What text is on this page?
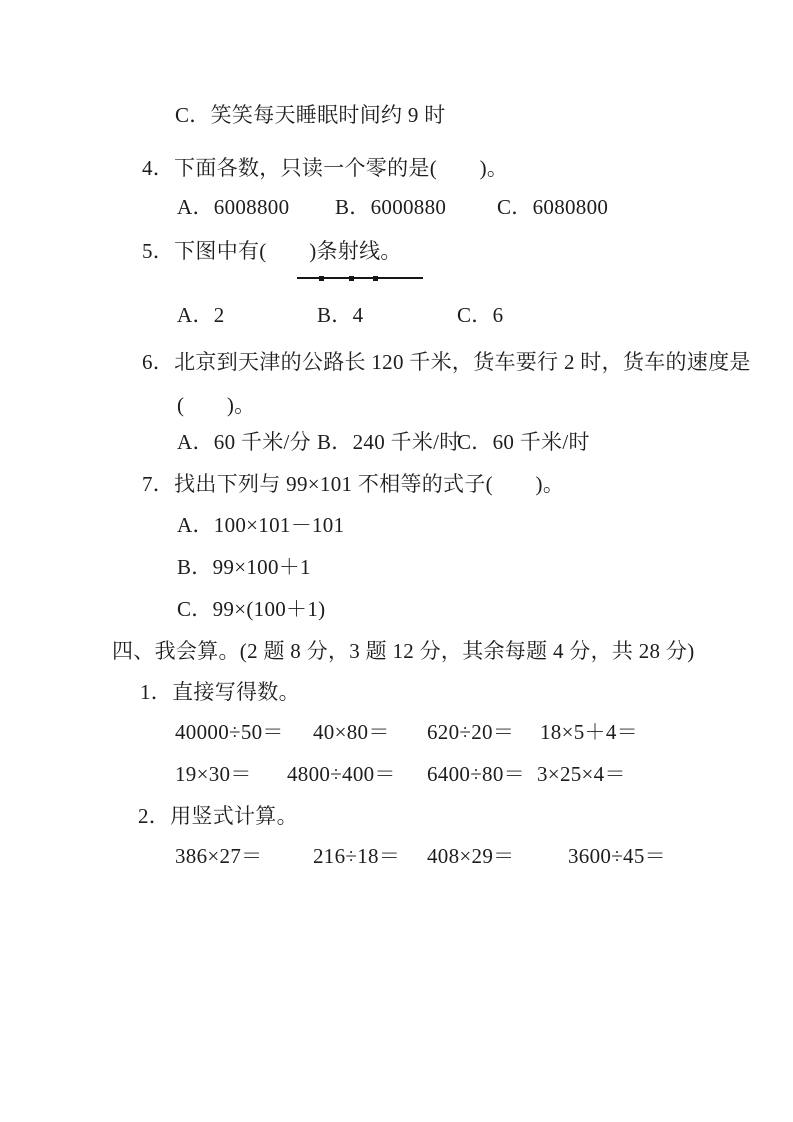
C．笑笑每天睡眠时间约 9 时
4．下面各数，只读一个零的是(　　)。
A．6008800 B．6000880 C．6080800
5．下图中有(　　)条射线。
A．2	B．4	C．6
6．北京到天津的公路长 120 千米，货车要行 2 时，货车的速度是
(　　)。
A．60 千米/分 B．240 千米/时
C．60 千米/时
7．找出下列与 99×101 不相等的式子(　　)。
A．100×101－101
B．99×100＋1
C．99×(100＋1)
四、我会算。(2 题 8 分，3 题 12 分，其余每题 4 分，共 28 分)
1．直接写得数。
40000÷50＝ 40×80＝ 620÷20＝ 18×5＋4＝
19×30＝ 4800÷400＝ 6400÷80＝ 3×25×4＝
2．用竖式计算。
386×27＝ 216÷18＝ 408×29＝	3600÷45＝
